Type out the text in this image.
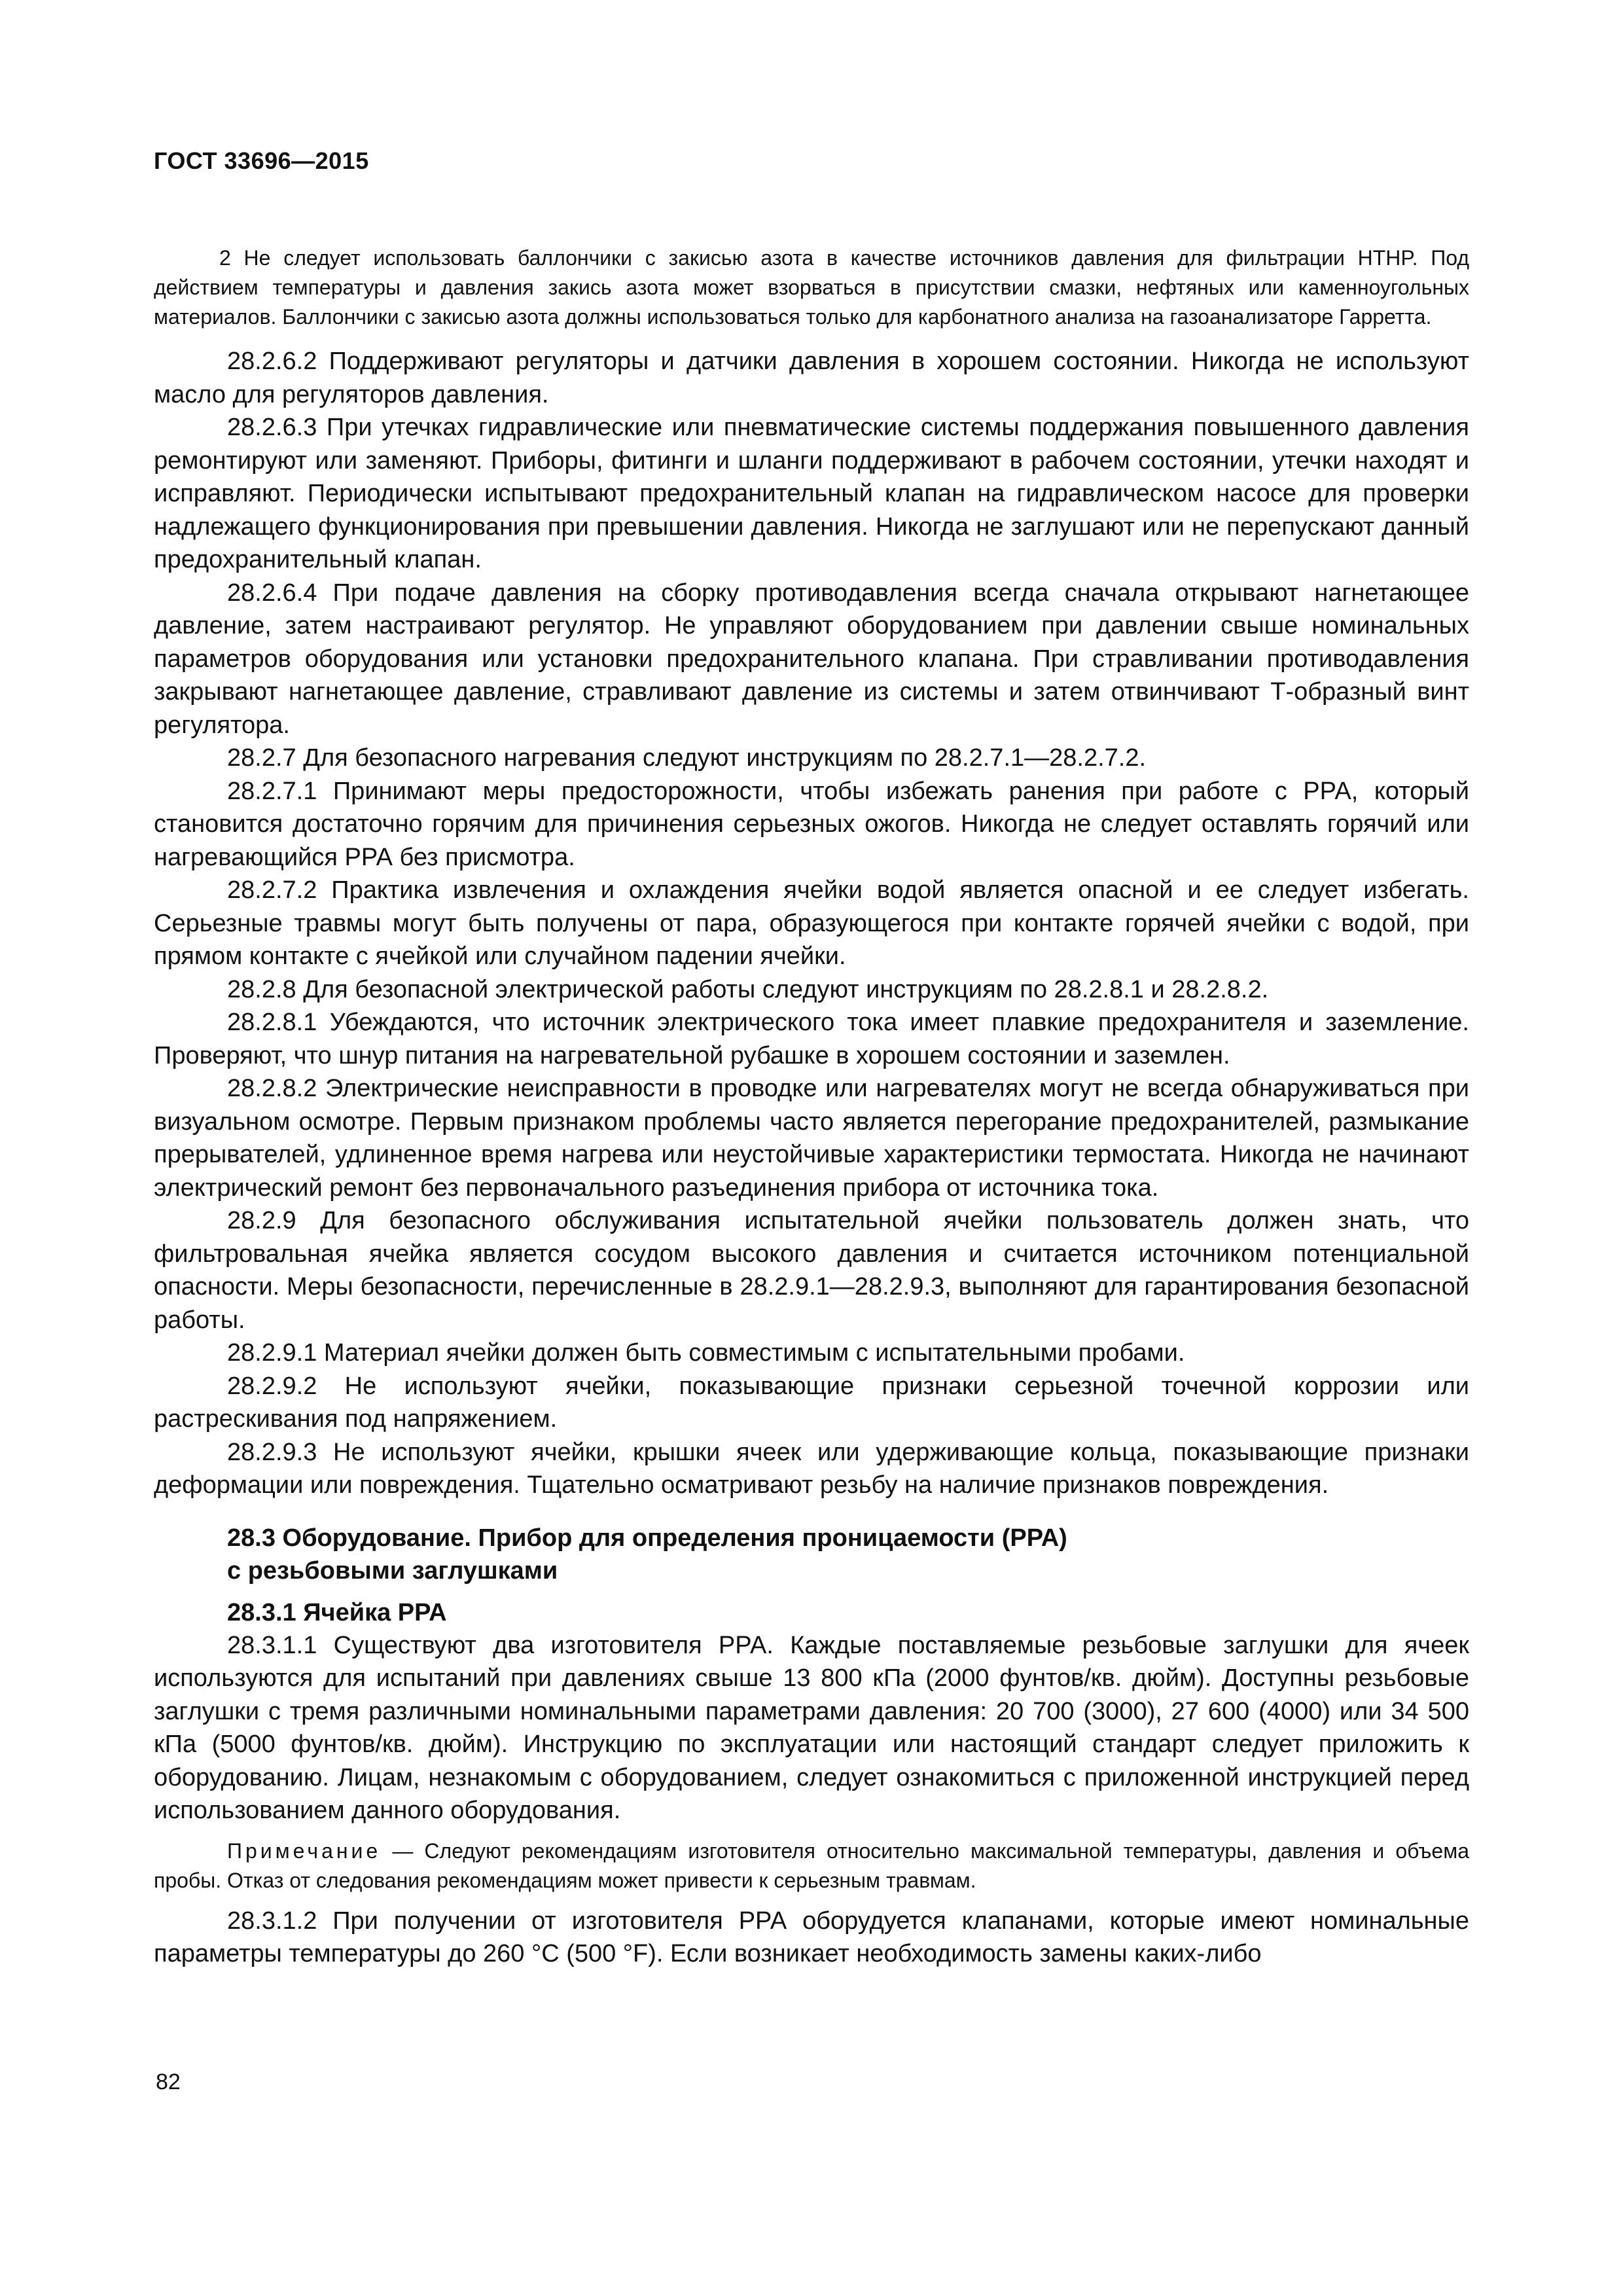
ГОСТ 33696—2015

2 Не следует использовать баллончики с закисью азота в качестве источников давления для фильтрации HTHP. Под действием температуры и давления закись азота может взорваться в присутствии смазки, нефтяных или каменноугольных материалов. Баллончики с закисью азота должны использоваться только для карбонатного анализа на газоанализаторе Гарретта.

28.2.6.2 Поддерживают регуляторы и датчики давления в хорошем состоянии. Никогда не используют масло для регуляторов давления.

28.2.6.3 При утечках гидравлические или пневматические системы поддержания повышенного давления ремонтируют или заменяют. Приборы, фитинги и шланги поддерживают в рабочем состоянии, утечки находят и исправляют. Периодически испытывают предохранительный клапан на гидравлическом насосе для проверки надлежащего функционирования при превышении давления. Никогда не заглушают или не перепускают данный предохранительный клапан.

28.2.6.4 При подаче давления на сборку противодавления всегда сначала открывают нагнетающее давление, затем настраивают регулятор. Не управляют оборудованием при давлении свыше номинальных параметров оборудования или установки предохранительного клапана. При стравливании противодавления закрывают нагнетающее давление, стравливают давление из системы и затем отвинчивают Т-образный винт регулятора.

28.2.7 Для безопасного нагревания следуют инструкциям по 28.2.7.1—28.2.7.2.

28.2.7.1 Принимают меры предосторожности, чтобы избежать ранения при работе с РРА, который становится достаточно горячим для причинения серьезных ожогов. Никогда не следует оставлять горячий или нагревающийся РРА без присмотра.

28.2.7.2 Практика извлечения и охлаждения ячейки водой является опасной и ее следует избегать. Серьезные травмы могут быть получены от пара, образующегося при контакте горячей ячейки с водой, при прямом контакте с ячейкой или случайном падении ячейки.

28.2.8 Для безопасной электрической работы следуют инструкциям по 28.2.8.1 и 28.2.8.2.

28.2.8.1 Убеждаются, что источник электрического тока имеет плавкие предохранителя и заземление. Проверяют, что шнур питания на нагревательной рубашке в хорошем состоянии и заземлен.

28.2.8.2 Электрические неисправности в проводке или нагревателях могут не всегда обнаруживаться при визуальном осмотре. Первым признаком проблемы часто является перегорание предохранителей, размыкание прерывателей, удлиненное время нагрева или неустойчивые характеристики термостата. Никогда не начинают электрический ремонт без первоначального разъединения прибора от источника тока.

28.2.9 Для безопасного обслуживания испытательной ячейки пользователь должен знать, что фильтровальная ячейка является сосудом высокого давления и считается источником потенциальной опасности. Меры безопасности, перечисленные в 28.2.9.1—28.2.9.3, выполняют для гарантирования безопасной работы.

28.2.9.1 Материал ячейки должен быть совместимым с испытательными пробами.

28.2.9.2 Не используют ячейки, показывающие признаки серьезной точечной коррозии или растрескивания под напряжением.

28.2.9.3 Не используют ячейки, крышки ячеек или удерживающие кольца, показывающие признаки деформации или повреждения. Тщательно осматривают резьбу на наличие признаков повреждения.

28.3 Оборудование. Прибор для определения проницаемости (РРА)
с резьбовыми заглушками
28.3.1 Ячейка РРА

28.3.1.1 Существуют два изготовителя РРА. Каждые поставляемые резьбовые заглушки для ячеек используются для испытаний при давлениях свыше 13 800 кПа (2000 фунтов/кв. дюйм). Доступны резьбовые заглушки с тремя различными номинальными параметрами давления: 20 700 (3000), 27 600 (4000) или 34 500 кПа (5000 фунтов/кв. дюйм). Инструкцию по эксплуатации или настоящий стандарт следует приложить к оборудованию. Лицам, незнакомым с оборудованием, следует ознакомиться с приложенной инструкцией перед использованием данного оборудования.

Примечание — Следуют рекомендациям изготовителя относительно максимальной температуры, давления и объема пробы. Отказ от следования рекомендациям может привести к серьезным травмам.

28.3.1.2 При получении от изготовителя РРА оборудуется клапанами, которые имеют номинальные параметры температуры до 260 °C (500 °F). Если возникает необходимость замены каких-либо

82
